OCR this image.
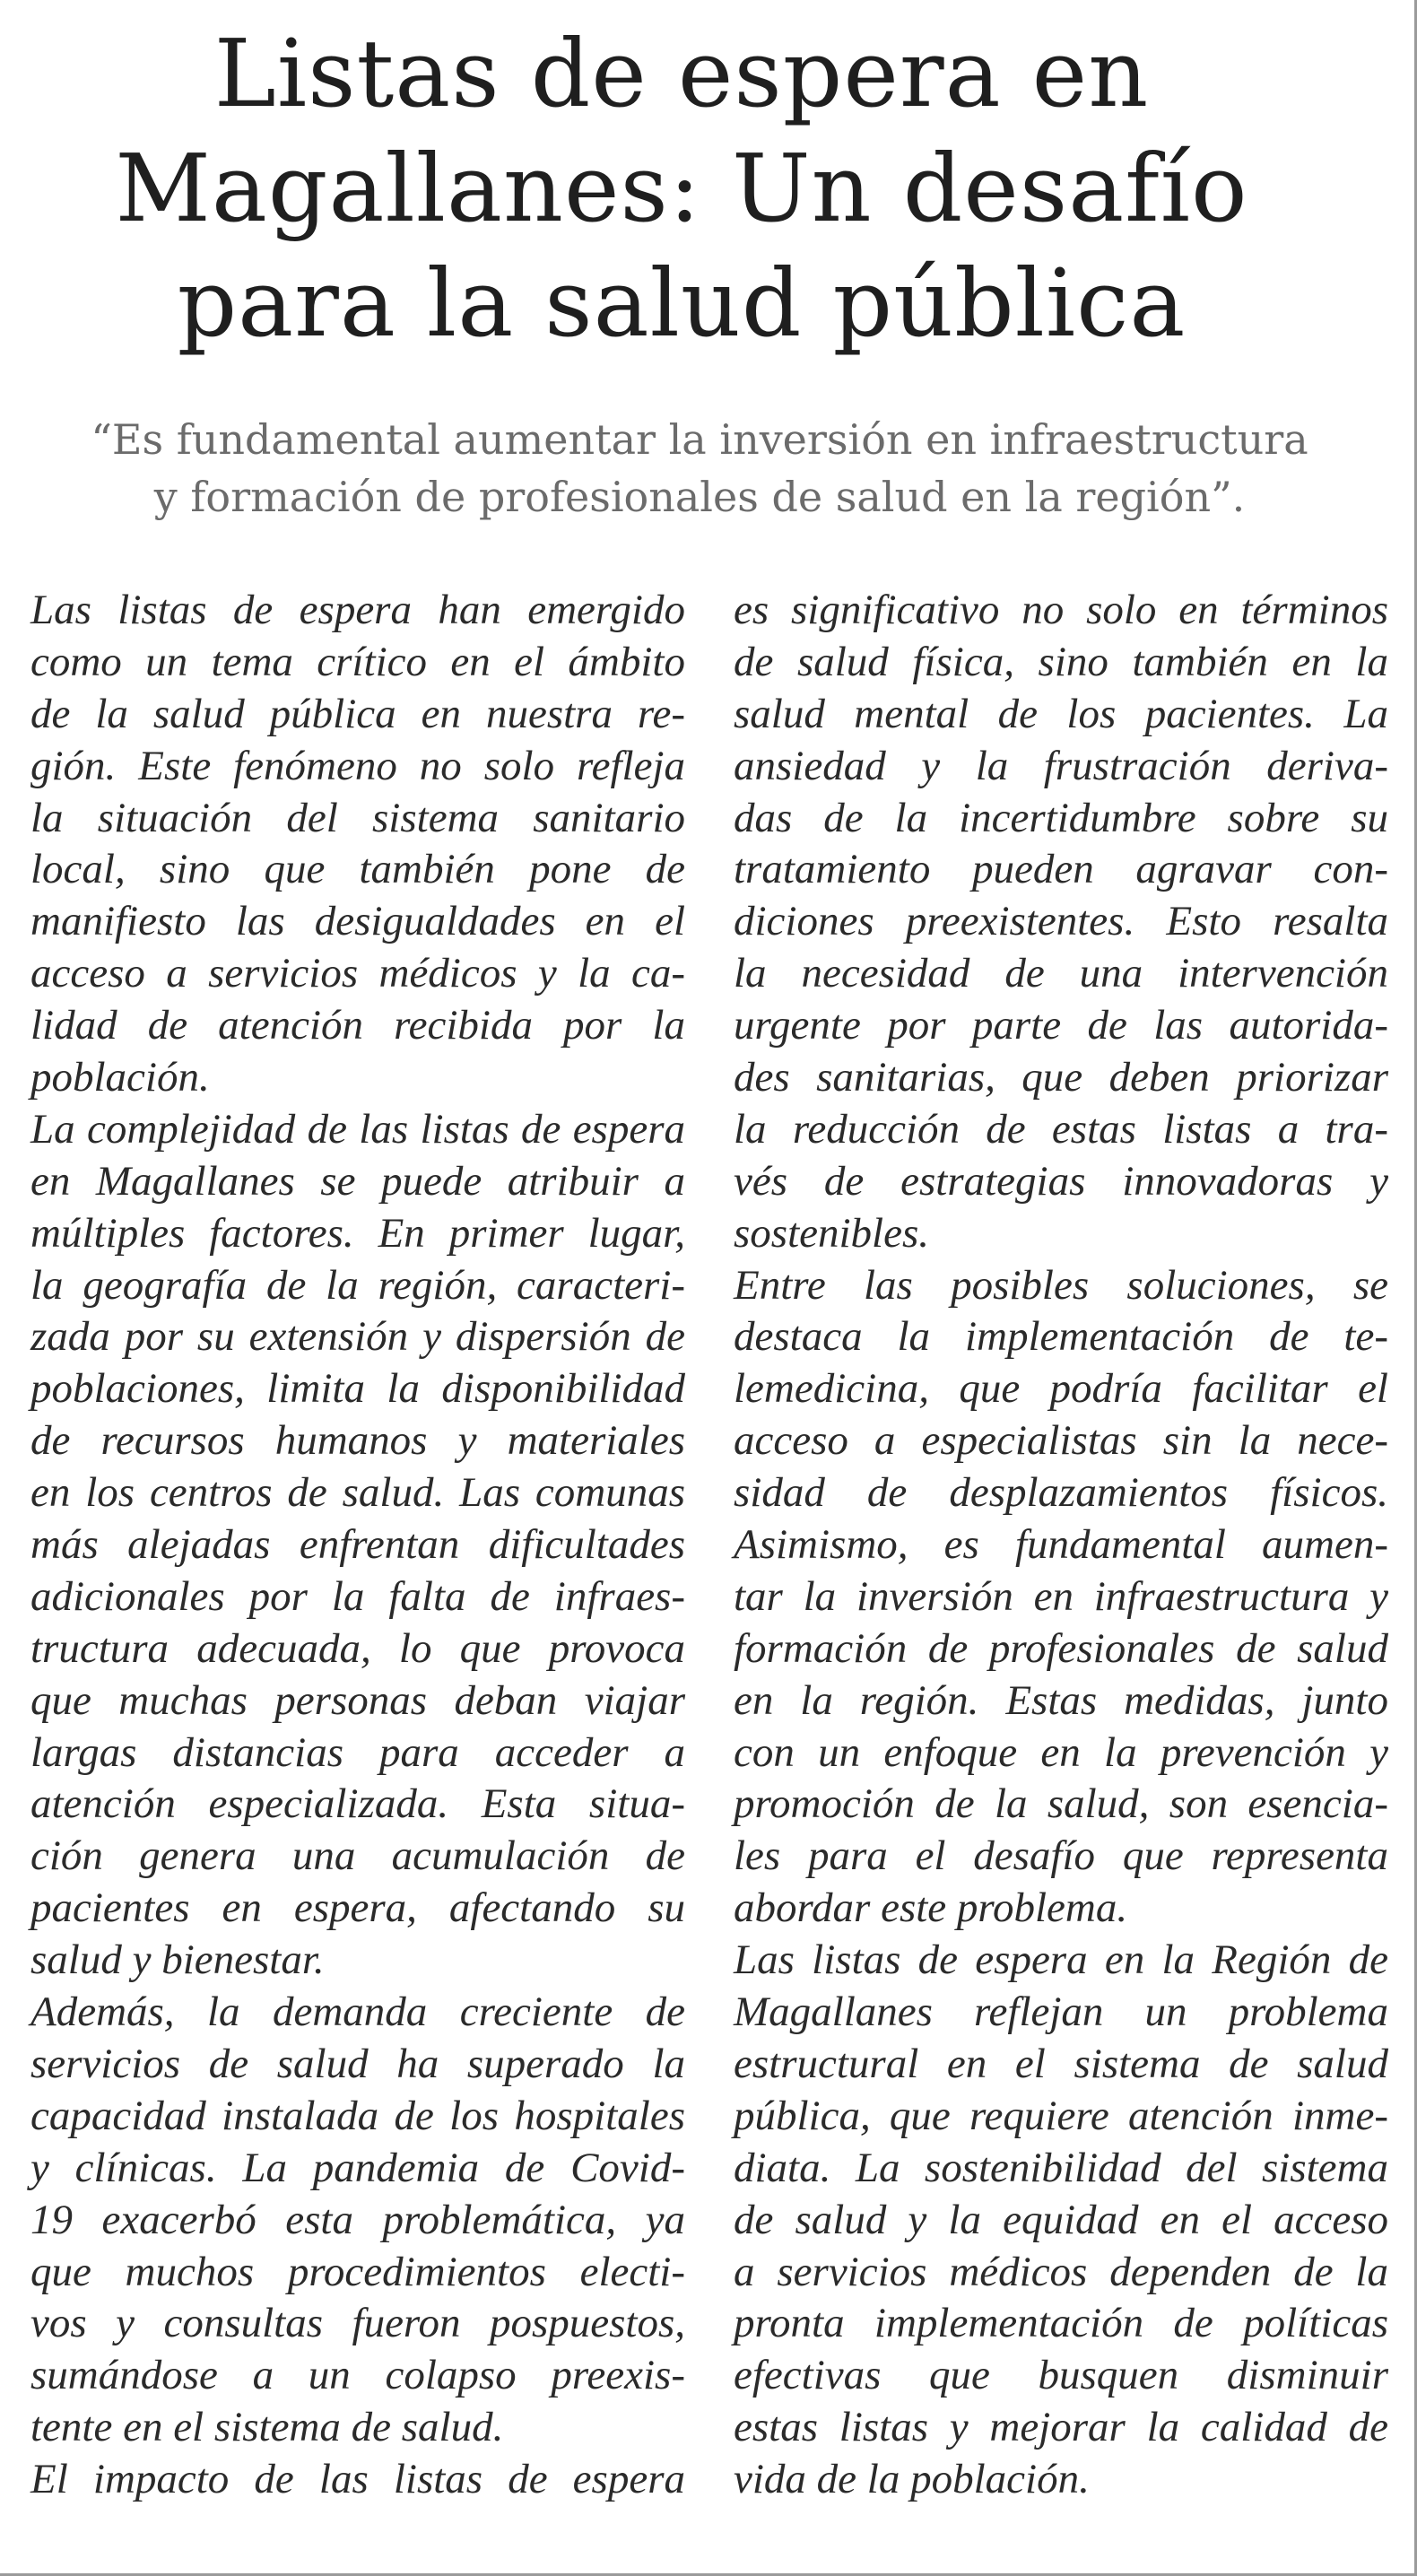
Listas de espera en
Magallanes: Un desafío
para la salud pública

“Es fundamental aumentar la inversión en infraestructura
y formación de profesionales de salud en la región”.

Las listas de espera han emergido
como un tema crítico en el ámbito
de la salud pública en nuestra re-
gión. Este fenómeno no solo refleja
la situación del sistema sanitario
local, sino que también pone de
manifiesto las desigualdades en el
acceso a servicios médicos y la ca-
lidad de atención recibida por la
población.
La complejidad de las listas de espera
en Magallanes se puede atribuir a
múltiples factores. En primer lugar,
la geografía de la región, caracteri-
zada por su extensión y dispersión de
poblaciones, limita la disponibilidad
de recursos humanos y materiales
en los centros de salud. Las comunas
más alejadas enfrentan dificultades
adicionales por la falta de infraes-
tructura adecuada, lo que provoca
que muchas personas deban viajar
largas distancias para acceder a
atención especializada. Esta situa-
ción genera una acumulación de
pacientes en espera, afectando su
salud y bienestar.
Además, la demanda creciente de
servicios de salud ha superado la
capacidad instalada de los hospitales
y clínicas. La pandemia de Covid-
19 exacerbó esta problemática, ya
que muchos procedimientos electi-
vos y consultas fueron pospuestos,
sumándose a un colapso preexis-
tente en el sistema de salud.
El impacto de las listas de espera
es significativo no solo en términos
de salud física, sino también en la
salud mental de los pacientes. La
ansiedad y la frustración deriva-
das de la incertidumbre sobre su
tratamiento pueden agravar con-
diciones preexistentes. Esto resalta
la necesidad de una intervención
urgente por parte de las autorida-
des sanitarias, que deben priorizar
la reducción de estas listas a tra-
vés de estrategias innovadoras y
sostenibles.
Entre las posibles soluciones, se
destaca la implementación de te-
lemedicina, que podría facilitar el
acceso a especialistas sin la nece-
sidad de desplazamientos físicos.
Asimismo, es fundamental aumen-
tar la inversión en infraestructura y
formación de profesionales de salud
en la región. Estas medidas, junto
con un enfoque en la prevención y
promoción de la salud, son esencia-
les para el desafío que representa
abordar este problema.
Las listas de espera en la Región de
Magallanes reflejan un problema
estructural en el sistema de salud
pública, que requiere atención inme-
diata. La sostenibilidad del sistema
de salud y la equidad en el acceso
a servicios médicos dependen de la
pronta implementación de políticas
efectivas que busquen disminuir
estas listas y mejorar la calidad de
vida de la población.
